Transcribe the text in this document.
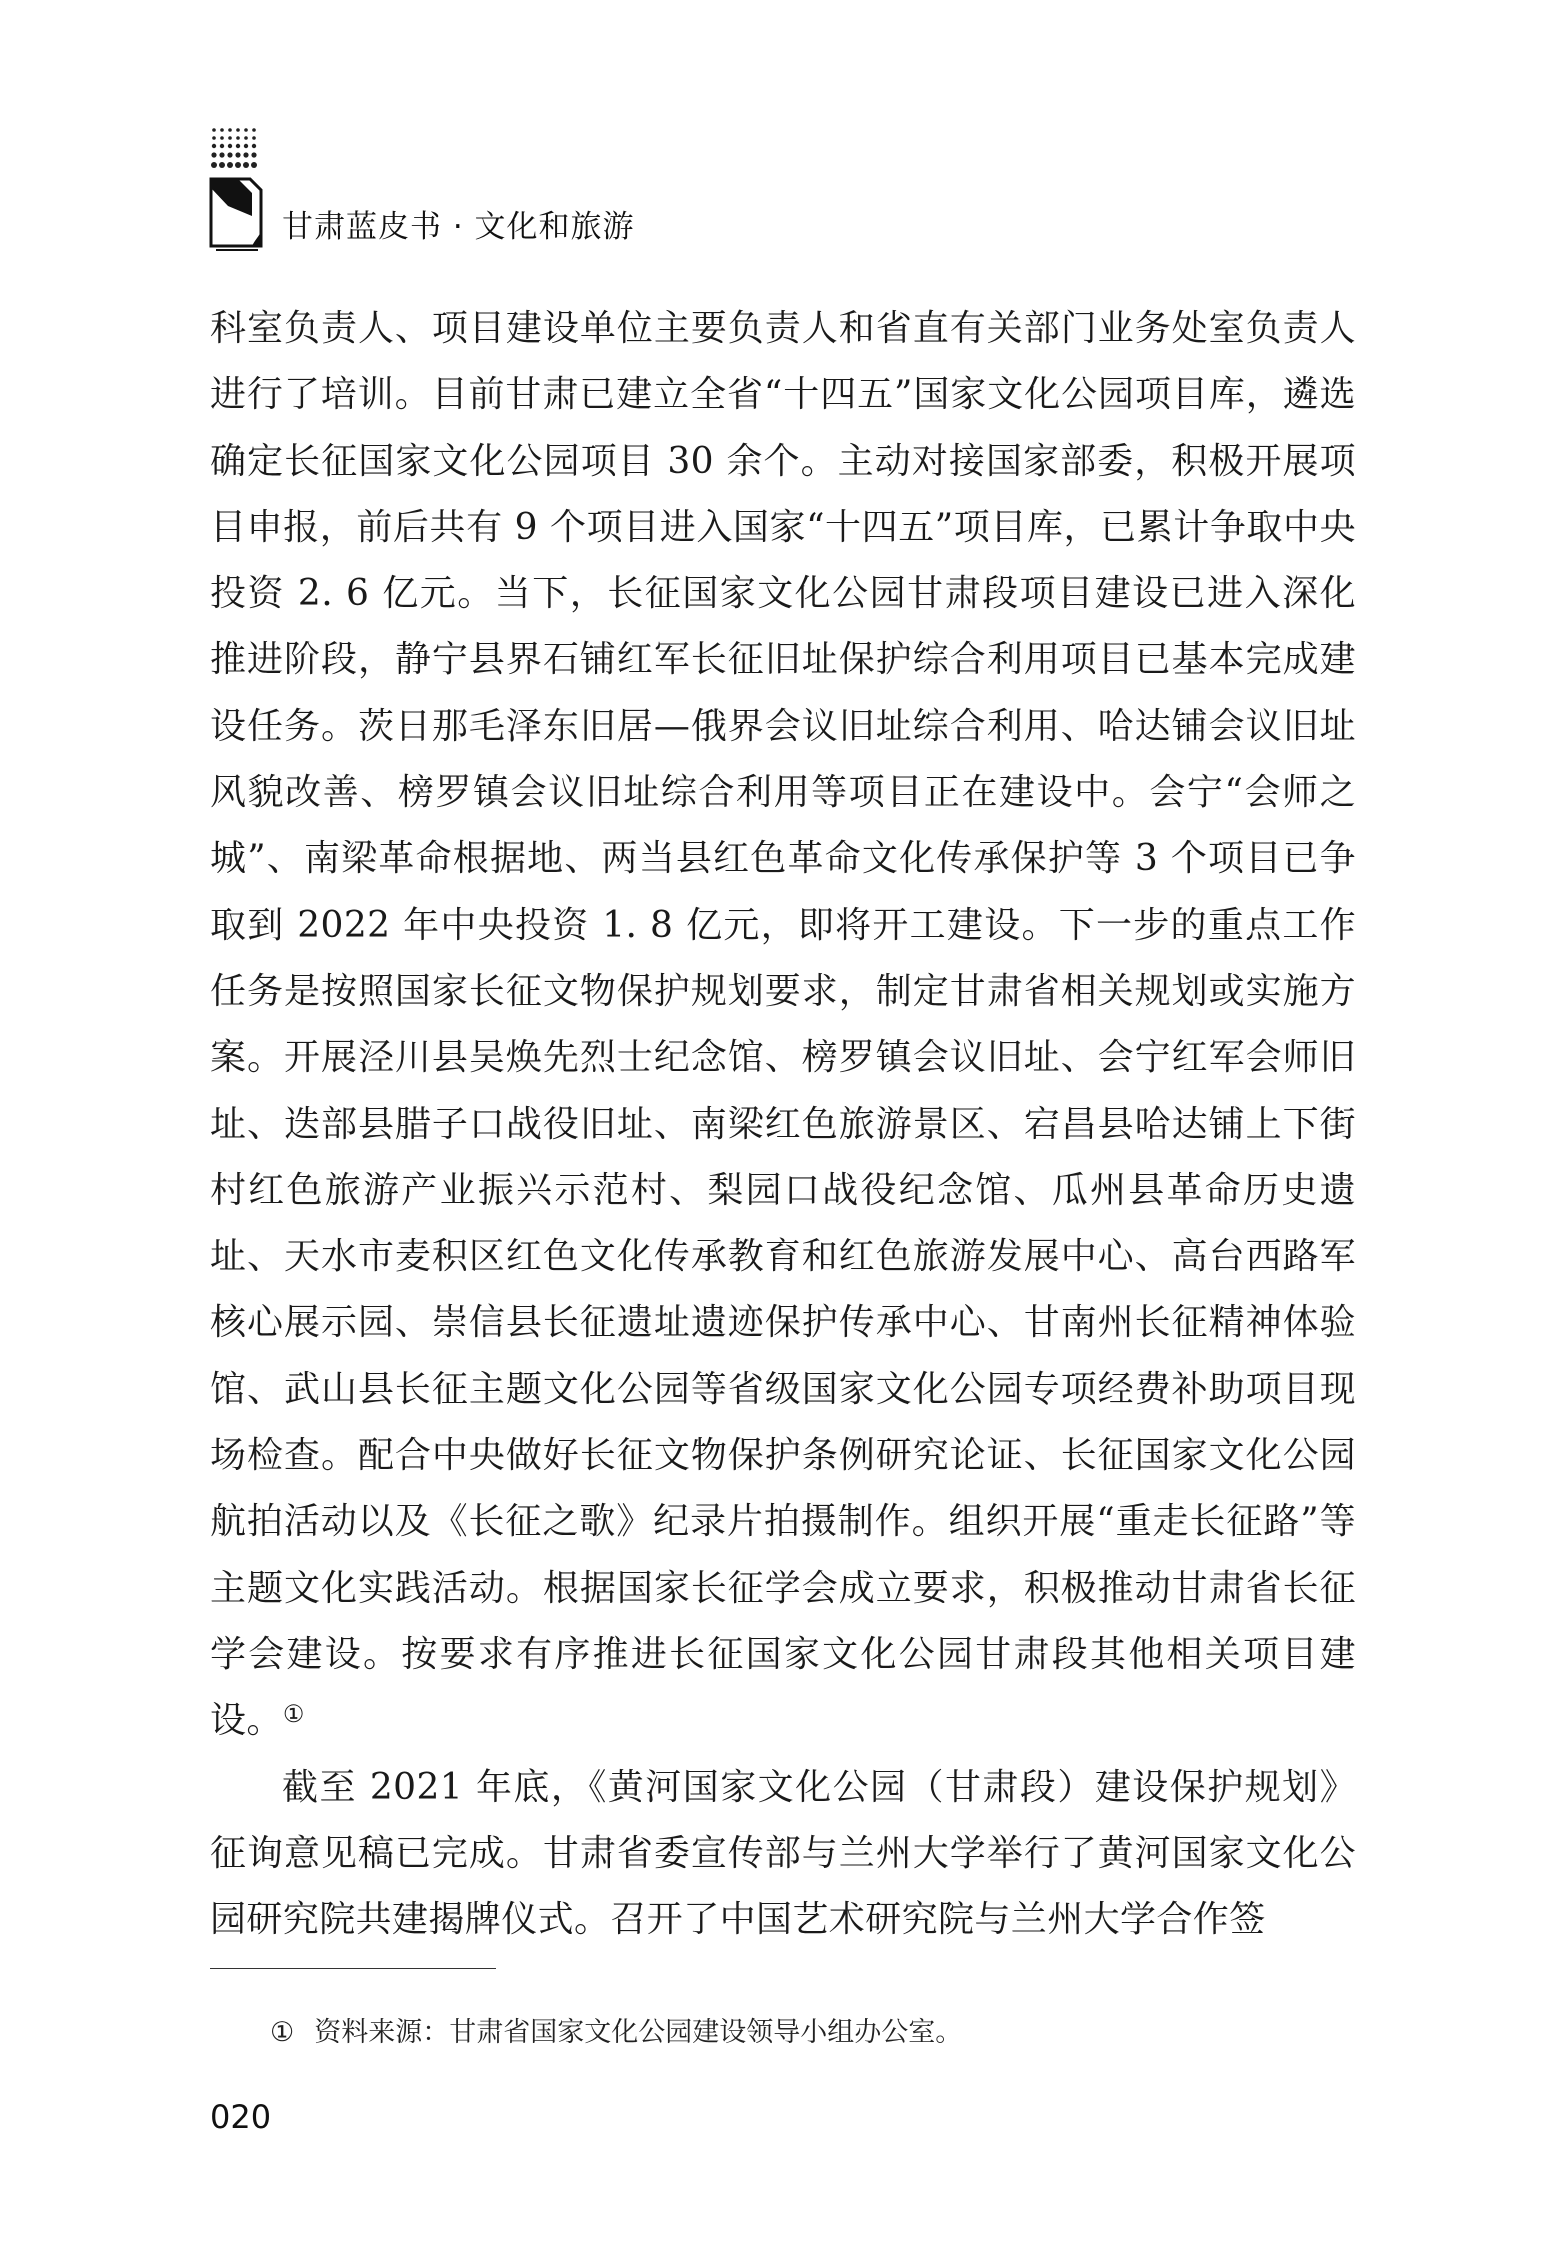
甘肃蓝皮书 · 文化和旅游

科室负责人、项目建设单位主要负责人和省直有关部门业务处室负责人进行了培训。目前甘肃已建立全省“十四五”国家文化公园项目库，遴选确定长征国家文化公园项目 30 余个。主动对接国家部委，积极开展项目申报，前后共有 9 个项目进入国家“十四五”项目库，已累计争取中央投资 2. 6 亿元。当下，长征国家文化公园甘肃段项目建设已进入深化推进阶段，静宁县界石铺红军长征旧址保护综合利用项目已基本完成建设任务。茨日那毛泽东旧居—俄界会议旧址综合利用、哈达铺会议旧址风貌改善、榜罗镇会议旧址综合利用等项目正在建设中。会宁“会师之城”、南梁革命根据地、两当县红色革命文化传承保护等 3 个项目已争取到 2022 年中央投资 1. 8 亿元，即将开工建设。下一步的重点工作任务是按照国家长征文物保护规划要求，制定甘肃省相关规划或实施方案。开展泾川县吴焕先烈士纪念馆、榜罗镇会议旧址、会宁红军会师旧址、迭部县腊子口战役旧址、南梁红色旅游景区、宕昌县哈达铺上下街村红色旅游产业振兴示范村、梨园口战役纪念馆、瓜州县革命历史遗址、天水市麦积区红色文化传承教育和红色旅游发展中心、高台西路军核心展示园、崇信县长征遗址遗迹保护传承中心、甘南州长征精神体验馆、武山县长征主题文化公园等省级国家文化公园专项经费补助项目现场检查。配合中央做好长征文物保护条例研究论证、长征国家文化公园航拍活动以及《长征之歌》纪录片拍摄制作。组织开展“重走长征路”等主题文化实践活动。根据国家长征学会成立要求，积极推动甘肃省长征学会建设。按要求有序推进长征国家文化公园甘肃段其他相关项目建设。①

截至 2021 年底，《黄河国家文化公园（甘肃段）建设保护规划》征询意见稿已完成。甘肃省委宣传部与兰州大学举行了黄河国家文化公园研究院共建揭牌仪式。召开了中国艺术研究院与兰州大学合作签

① 资料来源：甘肃省国家文化公园建设领导小组办公室。
020
